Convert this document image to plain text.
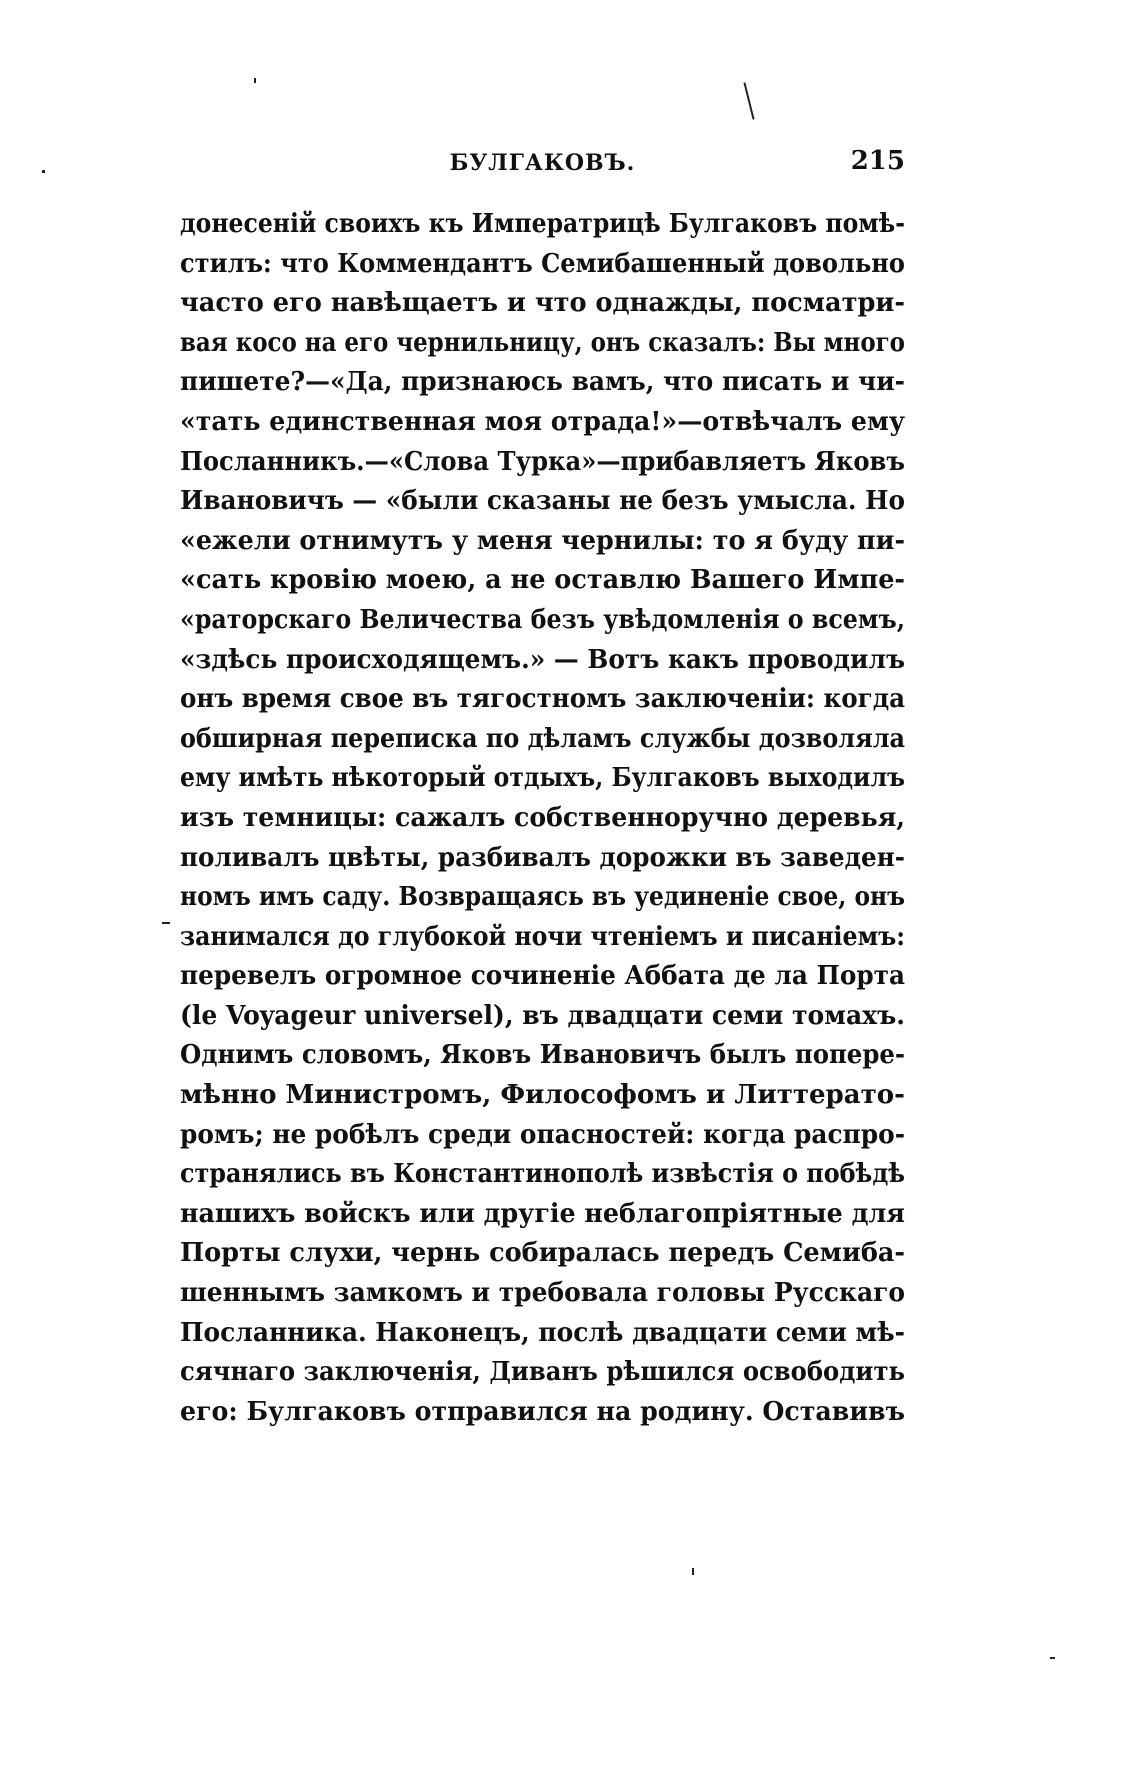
БУЛГАКОВЪ.	215
донесеній своихъ къ Императрицѣ Булгаковъ помѣ-
стилъ: что Коммендантъ Семибашенный довольно
часто его навѣщаетъ и что однажды, посматри-
вая косо на его чернильницу, онъ сказалъ: Вы много
пишете?—«Да, признаюсь вамъ, что писать и чи-
«тать единственная моя отрада!»—отвѣчалъ ему
Посланникъ.—«Слова Турка»—прибавляетъ Яковъ
Ивановичъ — «были сказаны не безъ умысла. Но
«ежели отнимутъ у меня чернилы: то я буду пи-
«сать кровію моею, а не оставлю Вашего Импе-
«раторскаго Величества безъ увѣдомленія о всемъ,
«здѣсь происходящемъ.» — Вотъ какъ проводилъ
онъ время свое въ тягостномъ заключеніи: когда
обширная переписка по дѣламъ службы дозволяла
ему имѣть нѣкоторый отдыхъ, Булгаковъ выходилъ
изъ темницы: сажалъ собственноручно деревья,
поливалъ цвѣты, разбивалъ дорожки въ заведен-
номъ имъ саду. Возвращаясь въ уединеніе свое, онъ
занимался до глубокой ночи чтеніемъ и писаніемъ:
перевелъ огромное сочиненіе Аббата де ла Порта
(le Voyageur universel), въ двадцати семи томахъ.
Однимъ словомъ, Яковъ Ивановичъ былъ попере-
мѣнно Министромъ, Философомъ и Литтерато-
ромъ; не робѣлъ среди опасностей: когда распро-
странялись въ Константинополѣ извѣстія о побѣдѣ
нашихъ войскъ или другіе неблагопріятные для
Порты слухи, чернь собиралась передъ Семиба-
шеннымъ замкомъ и требовала головы Русскаго
Посланника. Наконецъ, послѣ двадцати семи мѣ-
сячнаго заключенія, Диванъ рѣшился освободить
его: Булгаковъ отправился на родину. Оставивъ
